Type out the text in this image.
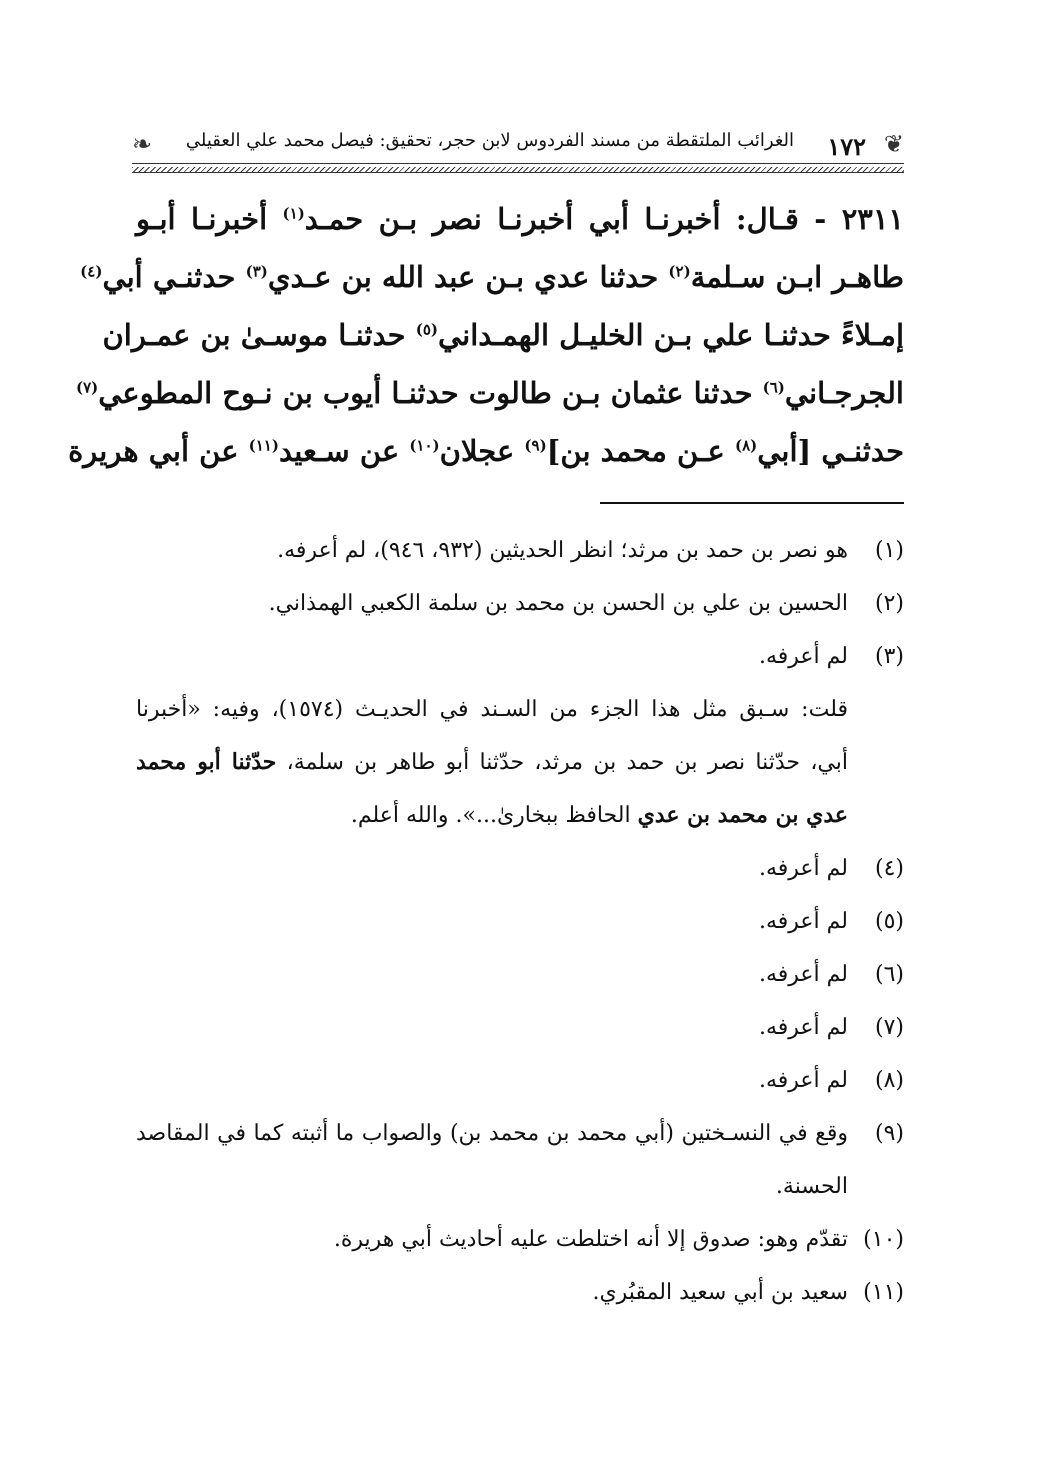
❦
١٧٢
الغرائب الملتقطة من مسند الفردوس لابن حجر، تحقيق: فيصل محمد علي العقيلي
❧

٢٣١١ - قـال: أخبرنـا أبي أخبرنـا نصر بـن حمـد$^{(١)}$ أخبرنـا أبـو

طاهـر ابـن سـلمة$^{(٢)}$ حدثنا عدي بـن عبد الله بن عـدي$^{(٣)}$ حدثنـي أبي$^{(٤)}$

إمـلاءً حدثنـا علي بـن الخليـل الهمـداني$^{(٥)}$ حدثنـا موسـىٰ بن عمـران

الجرجـاني$^{(٦)}$ حدثنا عثمان بـن طالوت حدثنـا أيوب بن نـوح المطوعي$^{(٧)}$

حدثنـي [أبي$^{(٨)}$ عـن محمد بن]$^{(٩)}$ عجلان$^{(١٠)}$ عن سـعيد$^{(١١)}$ عن أبي هريرة

(١)
هو نصر بن حمد بن مرثد؛ انظر الحديثين (٩٣٢، ٩٤٦)، لم أعرفه.
(٢)
الحسين بن علي بن الحسن بن محمد بن سلمة الكعبي الهمذاني.
(٣)
لم أعرفه.
قلت: سـبق مثل هذا الجزء من السـند في الحديـث (١٥٧٤)، وفيه: «أخبرنا
أبي، حدّثنا نصر بن حمد بن مرثد، حدّثنا أبو طاهر بن سلمة، حدّثنا أبو محمد
عدي بن محمد بن عدي الحافظ ببخارىٰ...». والله أعلم.
(٤)
لم أعرفه.
(٥)
لم أعرفه.
(٦)
لم أعرفه.
(٧)
لم أعرفه.
(٨)
لم أعرفه.
(٩)
وقع في النسـختين (أبي محمد بن محمد بن) والصواب ما أثبته كما في المقاصد
الحسنة.
(١٠)
تقدّم وهو: صدوق إلا أنه اختلطت عليه أحاديث أبي هريرة.
(١١)
سعيد بن أبي سعيد المقبُري.
